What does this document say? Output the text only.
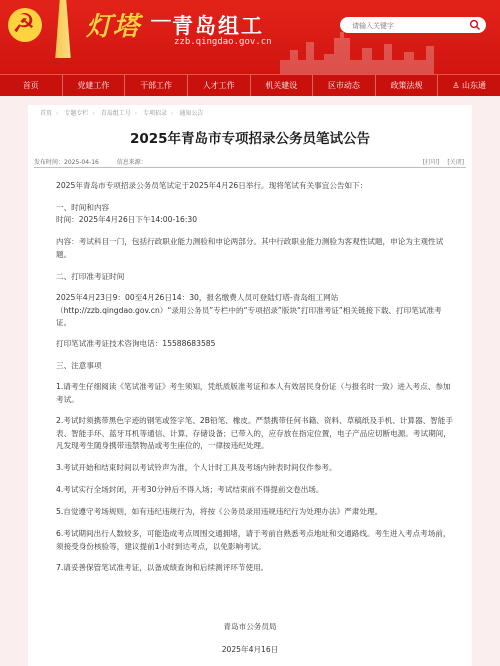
☭
灯塔 — 青岛组工
zzb.qingdao.gov.cn
请输入关键字
首页	党建工作	干部工作	人才工作	机关建设	区市动态	政策法规
♙	山东通
首页 › 专题专栏 › 青岛组工号 › 专项招录 › 通知公告
2025年青岛市专项招录公务员笔试公告
发布时间：2025-04-16	信息来源：	[打印] [关闭]
2025年青岛市专项招录公务员笔试定于2025年4月26日举行。现将笔试有关事宜公告如下：
一、时间和内容
时间：2025年4月26日下午14:00-16:30
内容：考试科目一门，包括行政职业能力测验和申论两部分。其中行政职业能力测验为客观性试题，申论为主观性试题。
二、打印准考证时间
2025年4月23日9：00至4月26日14：30，报名缴费人员可登陆灯塔-青岛组工网站（http://zzb.qingdao.gov.cn）“录用公务员”专栏中的“专项招录”版块“打印准考证”相关链接下载、打印笔试准考证。
打印笔试准考证技术咨询电话：15588683585
三、注意事项
1.请考生仔细阅读《笔试准考证》考生须知，凭纸质版准考证和本人有效居民身份证（与报名时一致）进入考点、参加考试。
2.考试时须携带黑色字迹的钢笔或签字笔、2B铅笔、橡皮。严禁携带任何书籍、资料、草稿纸及手机、计算器、智能手表、智能手环、蓝牙耳机等通信、计算、存储设备；已带入的，应存放在指定位置，电子产品应切断电源。考试期间，凡发现考生随身携带违禁物品或考生座位的，一律按违纪处理。
3.考试开始和结束时间以考试铃声为准，个人计时工具及考场内钟表时间仅作参考。
4.考试实行全场封闭，开考30分钟后不得入场；考试结束前不得提前交卷出场。
5.自觉遵守考场规则，如有违纪违规行为，将按《公务员录用违规违纪行为处理办法》严肃处理。
6.考试期间出行人数较多，可能造成考点周围交通拥堵，请于考前自熟悉考点地址和交通路线。考生进入考点考场前，须接受身份核验等，建议提前1小时到达考点，以免影响考试。
7.请妥善保管笔试准考证，以备成绩查询和后续测评环节使用。
青岛市公务员局
2025年4月16日
